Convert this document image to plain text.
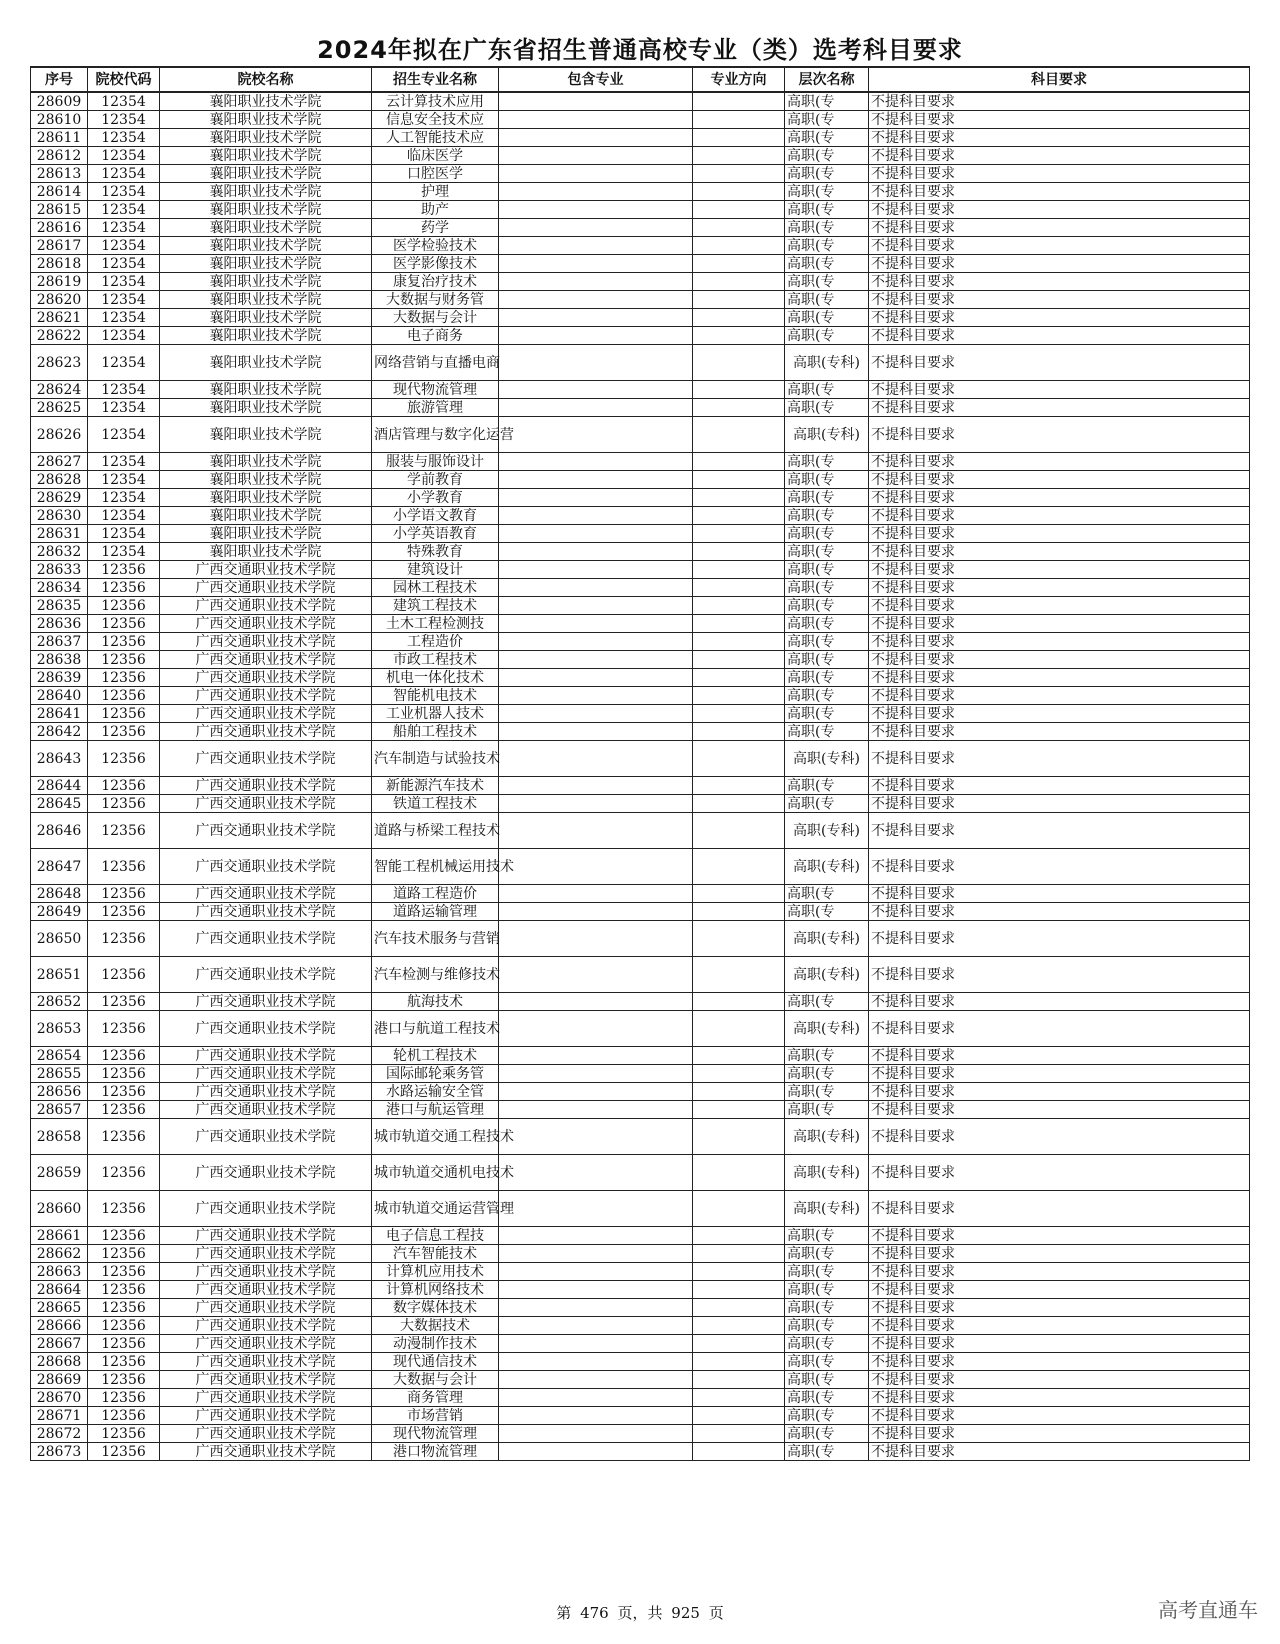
2024年拟在广东省招生普通高校专业（类）选考科目要求
序号	院校代码	院校名称	招生专业名称	包含专业	专业方向	层次名称	科目要求
28609	12354	襄阳职业技术学院	云计算技术应用			高职(专	不提科目要求
28610	12354	襄阳职业技术学院	信息安全技术应			高职(专	不提科目要求
28611	12354	襄阳职业技术学院	人工智能技术应			高职(专	不提科目要求
28612	12354	襄阳职业技术学院	临床医学			高职(专	不提科目要求
28613	12354	襄阳职业技术学院	口腔医学			高职(专	不提科目要求
28614	12354	襄阳职业技术学院	护理			高职(专	不提科目要求
28615	12354	襄阳职业技术学院	助产			高职(专	不提科目要求
28616	12354	襄阳职业技术学院	药学			高职(专	不提科目要求
28617	12354	襄阳职业技术学院	医学检验技术			高职(专	不提科目要求
28618	12354	襄阳职业技术学院	医学影像技术			高职(专	不提科目要求
28619	12354	襄阳职业技术学院	康复治疗技术			高职(专	不提科目要求
28620	12354	襄阳职业技术学院	大数据与财务管			高职(专	不提科目要求
28621	12354	襄阳职业技术学院	大数据与会计			高职(专	不提科目要求
28622	12354	襄阳职业技术学院	电子商务			高职(专	不提科目要求
28623	12354	襄阳职业技术学院	网络营销与直播电商			高职(专科)	不提科目要求
28624	12354	襄阳职业技术学院	现代物流管理			高职(专	不提科目要求
28625	12354	襄阳职业技术学院	旅游管理			高职(专	不提科目要求
28626	12354	襄阳职业技术学院	酒店管理与数字化运营			高职(专科)	不提科目要求
28627	12354	襄阳职业技术学院	服装与服饰设计			高职(专	不提科目要求
28628	12354	襄阳职业技术学院	学前教育			高职(专	不提科目要求
28629	12354	襄阳职业技术学院	小学教育			高职(专	不提科目要求
28630	12354	襄阳职业技术学院	小学语文教育			高职(专	不提科目要求
28631	12354	襄阳职业技术学院	小学英语教育			高职(专	不提科目要求
28632	12354	襄阳职业技术学院	特殊教育			高职(专	不提科目要求
28633	12356	广西交通职业技术学院	建筑设计			高职(专	不提科目要求
28634	12356	广西交通职业技术学院	园林工程技术			高职(专	不提科目要求
28635	12356	广西交通职业技术学院	建筑工程技术			高职(专	不提科目要求
28636	12356	广西交通职业技术学院	土木工程检测技			高职(专	不提科目要求
28637	12356	广西交通职业技术学院	工程造价			高职(专	不提科目要求
28638	12356	广西交通职业技术学院	市政工程技术			高职(专	不提科目要求
28639	12356	广西交通职业技术学院	机电一体化技术			高职(专	不提科目要求
28640	12356	广西交通职业技术学院	智能机电技术			高职(专	不提科目要求
28641	12356	广西交通职业技术学院	工业机器人技术			高职(专	不提科目要求
28642	12356	广西交通职业技术学院	船舶工程技术			高职(专	不提科目要求
28643	12356	广西交通职业技术学院	汽车制造与试验技术			高职(专科)	不提科目要求
28644	12356	广西交通职业技术学院	新能源汽车技术			高职(专	不提科目要求
28645	12356	广西交通职业技术学院	铁道工程技术			高职(专	不提科目要求
28646	12356	广西交通职业技术学院	道路与桥梁工程技术			高职(专科)	不提科目要求
28647	12356	广西交通职业技术学院	智能工程机械运用技术			高职(专科)	不提科目要求
28648	12356	广西交通职业技术学院	道路工程造价			高职(专	不提科目要求
28649	12356	广西交通职业技术学院	道路运输管理			高职(专	不提科目要求
28650	12356	广西交通职业技术学院	汽车技术服务与营销			高职(专科)	不提科目要求
28651	12356	广西交通职业技术学院	汽车检测与维修技术			高职(专科)	不提科目要求
28652	12356	广西交通职业技术学院	航海技术			高职(专	不提科目要求
28653	12356	广西交通职业技术学院	港口与航道工程技术			高职(专科)	不提科目要求
28654	12356	广西交通职业技术学院	轮机工程技术			高职(专	不提科目要求
28655	12356	广西交通职业技术学院	国际邮轮乘务管			高职(专	不提科目要求
28656	12356	广西交通职业技术学院	水路运输安全管			高职(专	不提科目要求
28657	12356	广西交通职业技术学院	港口与航运管理			高职(专	不提科目要求
28658	12356	广西交通职业技术学院	城市轨道交通工程技术			高职(专科)	不提科目要求
28659	12356	广西交通职业技术学院	城市轨道交通机电技术			高职(专科)	不提科目要求
28660	12356	广西交通职业技术学院	城市轨道交通运营管理			高职(专科)	不提科目要求
28661	12356	广西交通职业技术学院	电子信息工程技			高职(专	不提科目要求
28662	12356	广西交通职业技术学院	汽车智能技术			高职(专	不提科目要求
28663	12356	广西交通职业技术学院	计算机应用技术			高职(专	不提科目要求
28664	12356	广西交通职业技术学院	计算机网络技术			高职(专	不提科目要求
28665	12356	广西交通职业技术学院	数字媒体技术			高职(专	不提科目要求
28666	12356	广西交通职业技术学院	大数据技术			高职(专	不提科目要求
28667	12356	广西交通职业技术学院	动漫制作技术			高职(专	不提科目要求
28668	12356	广西交通职业技术学院	现代通信技术			高职(专	不提科目要求
28669	12356	广西交通职业技术学院	大数据与会计			高职(专	不提科目要求
28670	12356	广西交通职业技术学院	商务管理			高职(专	不提科目要求
28671	12356	广西交通职业技术学院	市场营销			高职(专	不提科目要求
28672	12356	广西交通职业技术学院	现代物流管理			高职(专	不提科目要求
28673	12356	广西交通职业技术学院	港口物流管理			高职(专	不提科目要求
第 476 页，共 925 页	高考直通车
